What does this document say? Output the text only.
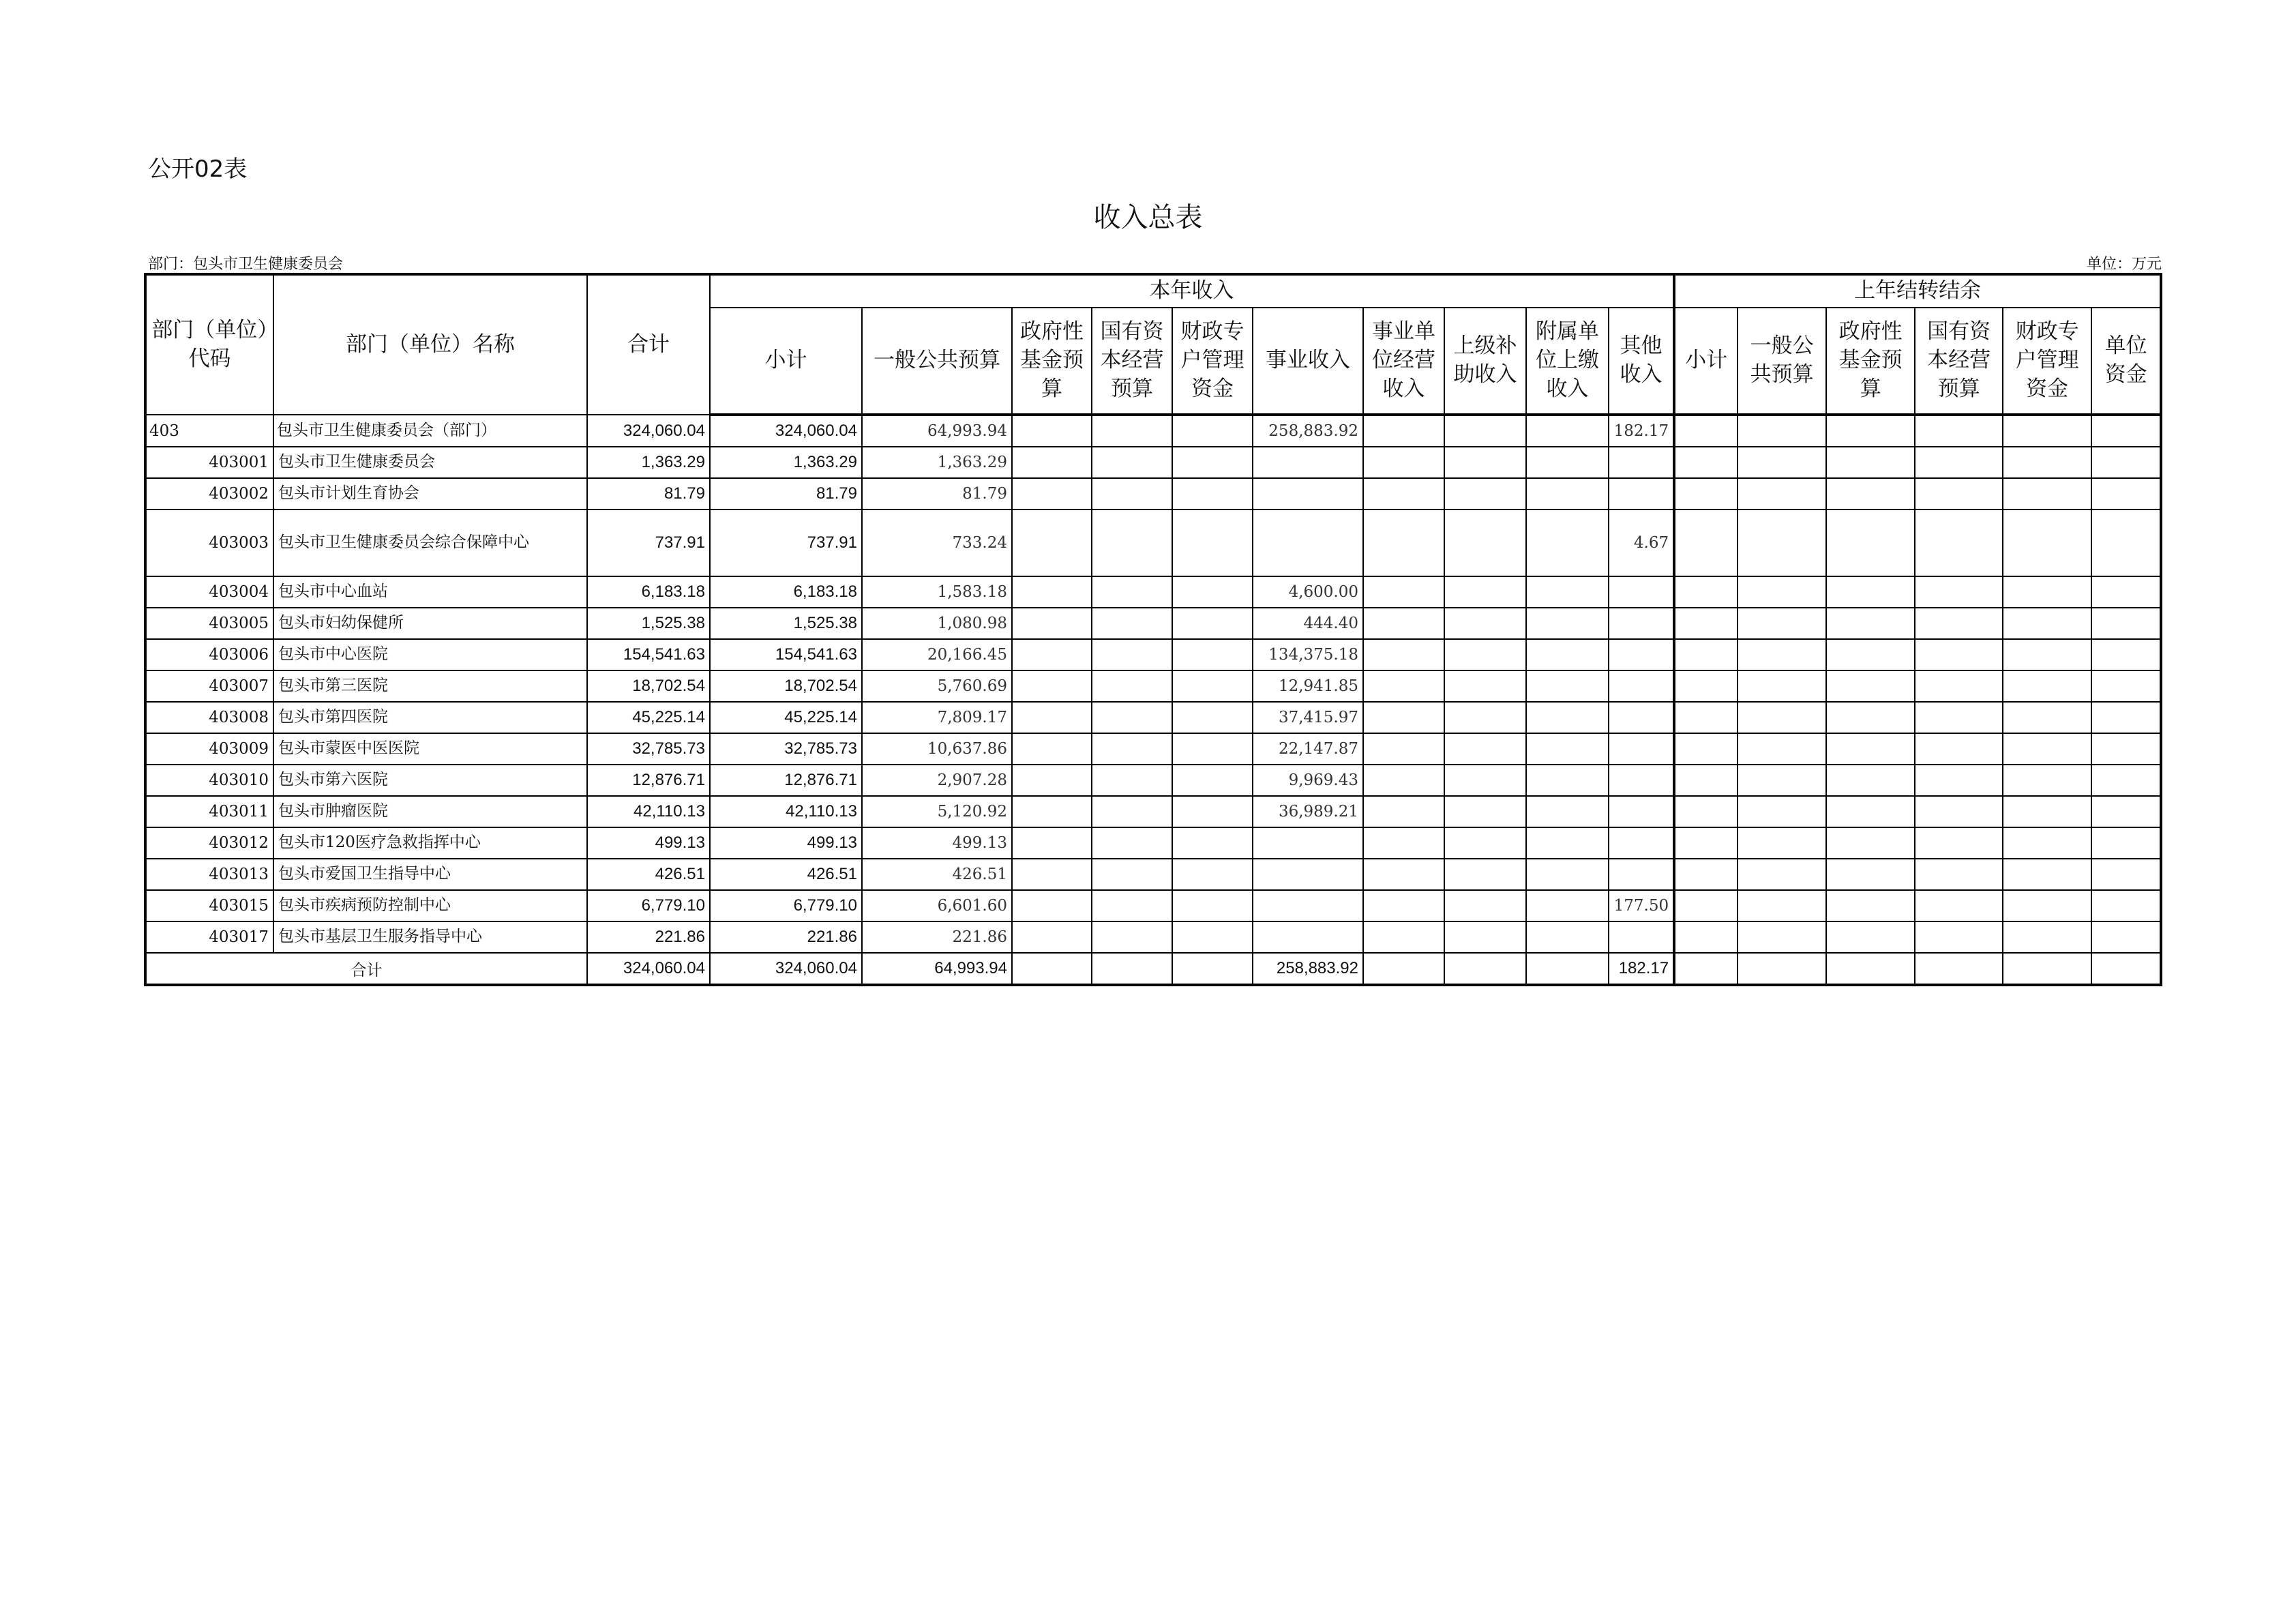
公开02表
收入总表
部门：包头市卫生健康委员会	单位：万元
部门（单位）代码	部门（单位）名称	合计	本年收入										上年结转结余					
			小计	一般公共预算	政府性基金预算	国有资本经营预算	财政专户管理资金	事业收入	事业单位经营收入	上级补助收入	附属单位上缴收入	其他收入	小计	一般公共预算	政府性基金预算	国有资本经营预算	财政专户管理资金	单位资金
403	包头市卫生健康委员会（部门）	324,060.04	324,060.04	64,993.94				258,883.92				182.17						
403001	包头市卫生健康委员会	1,363.29	1,363.29	1,363.29														
403002	包头市计划生育协会	81.79	81.79	81.79														
403003	包头市卫生健康委员会综合保障中心	737.91	737.91	733.24								4.67						
403004	包头市中心血站	6,183.18	6,183.18	1,583.18				4,600.00										
403005	包头市妇幼保健所	1,525.38	1,525.38	1,080.98				444.40										
403006	包头市中心医院	154,541.63	154,541.63	20,166.45				134,375.18										
403007	包头市第三医院	18,702.54	18,702.54	5,760.69				12,941.85										
403008	包头市第四医院	45,225.14	45,225.14	7,809.17				37,415.97										
403009	包头市蒙医中医医院	32,785.73	32,785.73	10,637.86				22,147.87										
403010	包头市第六医院	12,876.71	12,876.71	2,907.28				9,969.43										
403011	包头市肿瘤医院	42,110.13	42,110.13	5,120.92				36,989.21										
403012	包头市120医疗急救指挥中心	499.13	499.13	499.13														
403013	包头市爱国卫生指导中心	426.51	426.51	426.51														
403015	包头市疾病预防控制中心	6,779.10	6,779.10	6,601.60								177.50						
403017	包头市基层卫生服务指导中心	221.86	221.86	221.86														
合计		324,060.04	324,060.04	64,993.94				258,883.92				182.17						
